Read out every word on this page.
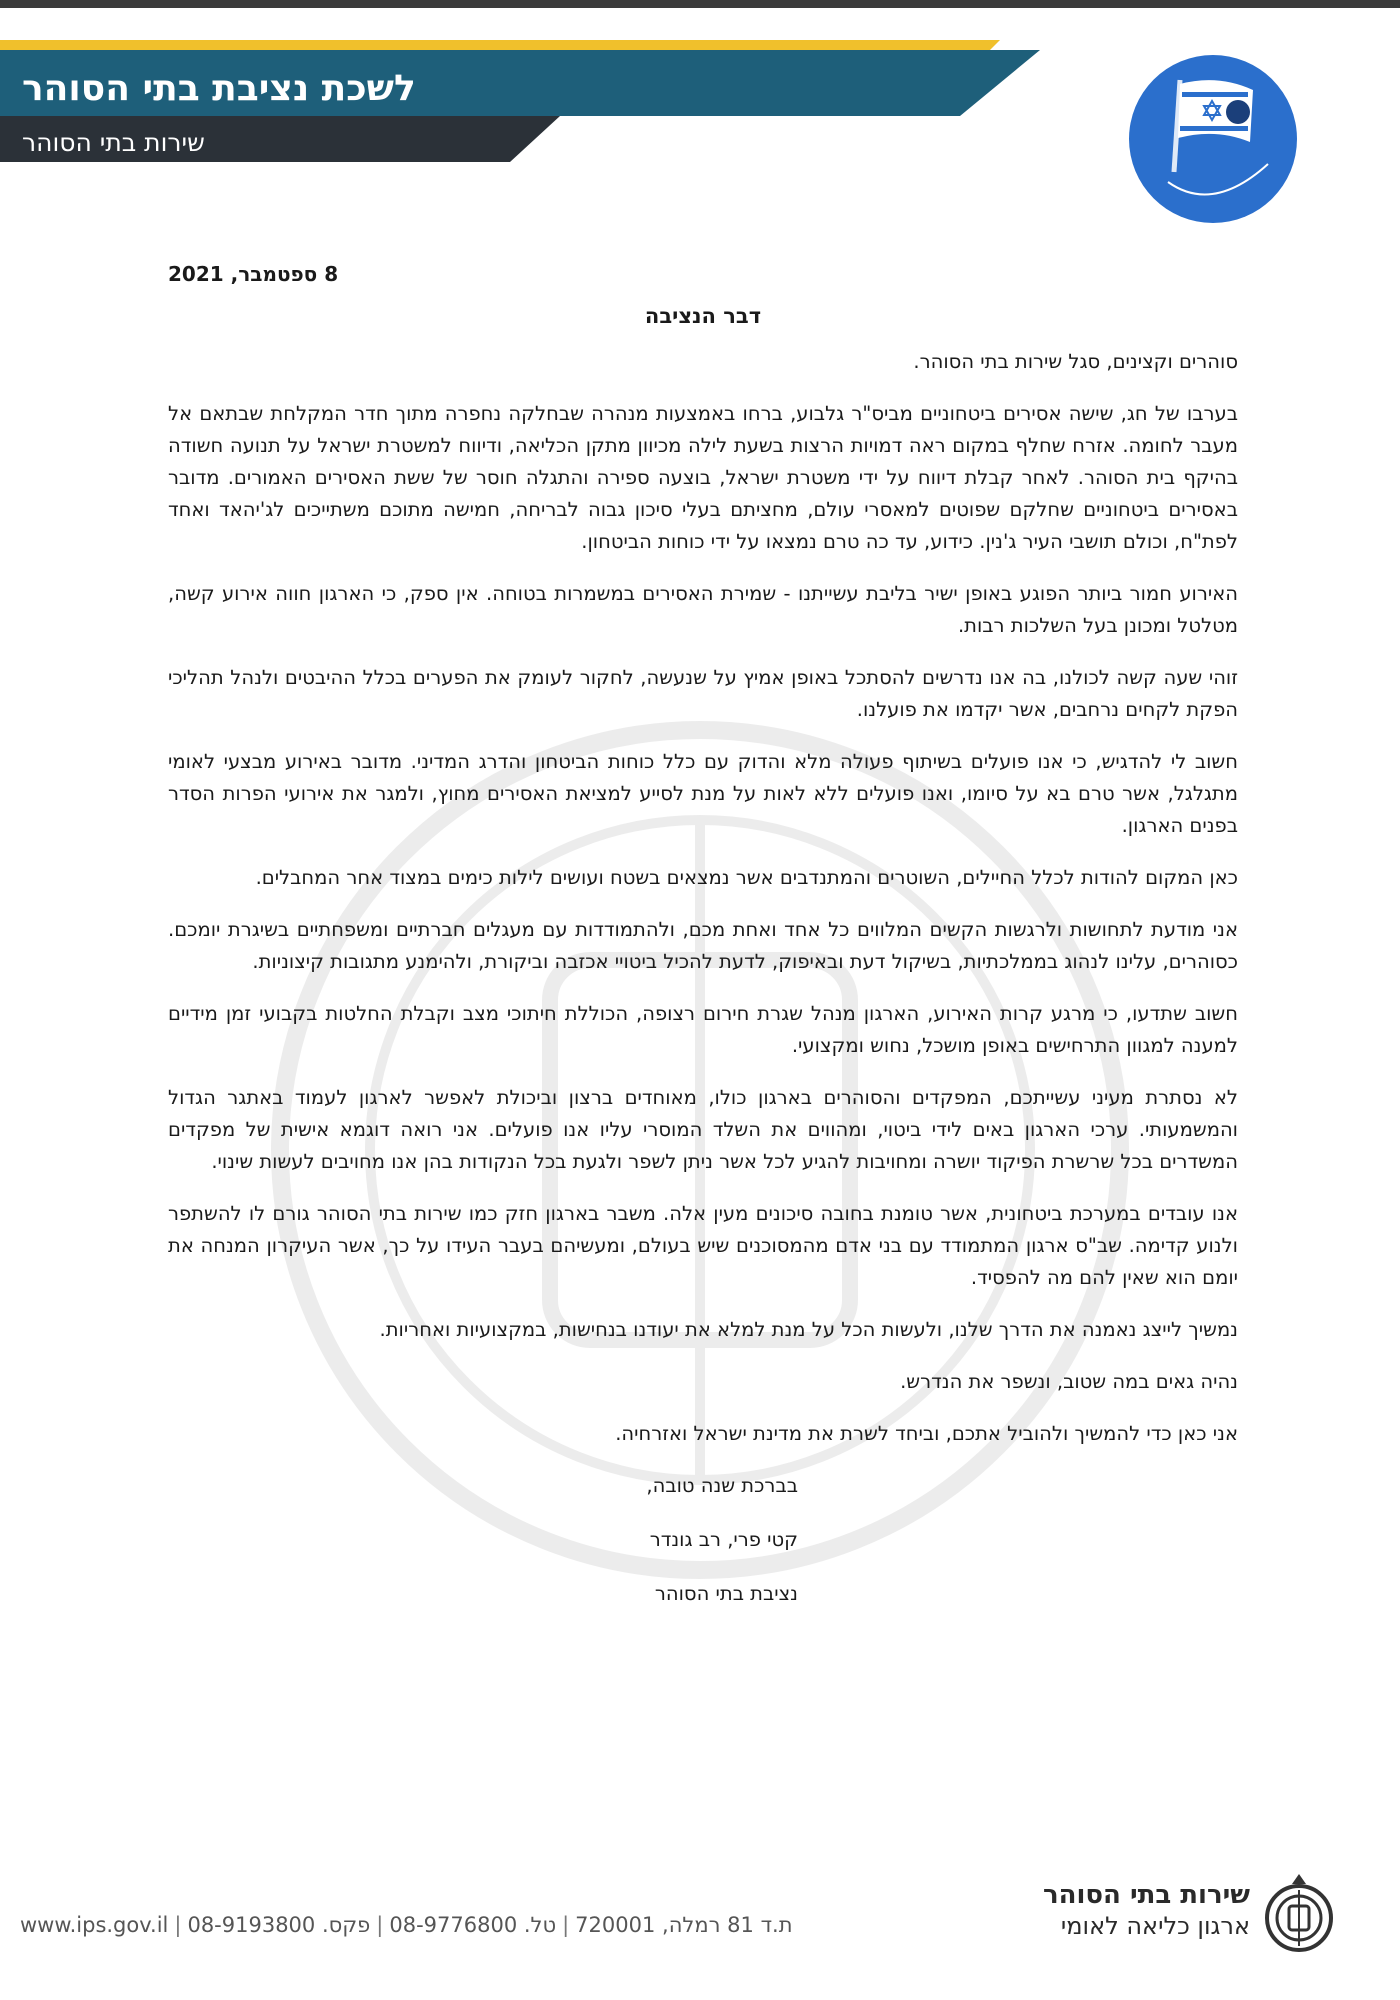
לשכת נציבת בתי הסוהר
שירות בתי הסוהר
8 ספטמבר, 2021
דבר הנציבה
סוהרים וקצינים, סגל שירות בתי הסוהר.
בערבו של חג, שישה אסירים ביטחוניים מביס"ר גלבוע, ברחו באמצעות מנהרה שבחלקה נחפרה מתוך חדר המקלחת שבתאם אל מעבר לחומה. אזרח שחלף במקום ראה דמויות הרצות בשעת לילה מכיוון מתקן הכליאה, ודיווח למשטרת ישראל על תנועה חשודה בהיקף בית הסוהר. לאחר קבלת דיווח על ידי משטרת ישראל, בוצעה ספירה והתגלה חוסר של ששת האסירים האמורים. מדובר באסירים ביטחוניים שחלקם שפוטים למאסרי עולם, מחציתם בעלי סיכון גבוה לבריחה, חמישה מתוכם משתייכים לג'יהאד ואחד לפת"ח, וכולם תושבי העיר ג'נין. כידוע, עד כה טרם נמצאו על ידי כוחות הביטחון.
האירוע חמור ביותר הפוגע באופן ישיר בליבת עשייתנו - שמירת האסירים במשמרות בטוחה. אין ספק, כי הארגון חווה אירוע קשה, מטלטל ומכונן בעל השלכות רבות.
זוהי שעה קשה לכולנו, בה אנו נדרשים להסתכל באופן אמיץ על שנעשה, לחקור לעומק את הפערים בכלל ההיבטים ולנהל תהליכי הפקת לקחים נרחבים, אשר יקדמו את פועלנו.
חשוב לי להדגיש, כי אנו פועלים בשיתוף פעולה מלא והדוק עם כלל כוחות הביטחון והדרג המדיני. מדובר באירוע מבצעי לאומי מתגלגל, אשר טרם בא על סיומו, ואנו פועלים ללא לאות על מנת לסייע למציאת האסירים מחוץ, ולמגר את אירועי הפרות הסדר בפנים הארגון.
כאן המקום להודות לכלל החיילים, השוטרים והמתנדבים אשר נמצאים בשטח ועושים לילות כימים במצוד אחר המחבלים.
אני מודעת לתחושות ולרגשות הקשים המלווים כל אחד ואחת מכם, ולהתמודדות עם מעגלים חברתיים ומשפחתיים בשיגרת יומכם. כסוהרים, עלינו לנהוג בממלכתיות, בשיקול דעת ובאיפוק, לדעת להכיל ביטויי אכזבה וביקורת, ולהימנע מתגובות קיצוניות.
חשוב שתדעו, כי מרגע קרות האירוע, הארגון מנהל שגרת חירום רצופה, הכוללת חיתוכי מצב וקבלת החלטות בקבועי זמן מידיים למענה למגוון התרחישים באופן מושכל, נחוש ומקצועי.
לא נסתרת מעיני עשייתכם, המפקדים והסוהרים בארגון כולו, מאוחדים ברצון וביכולת לאפשר לארגון לעמוד באתגר הגדול והמשמעותי. ערכי הארגון באים לידי ביטוי, ומהווים את השלד המוסרי עליו אנו פועלים. אני רואה דוגמא אישית של מפקדים המשדרים בכל שרשרת הפיקוד יושרה ומחויבות להגיע לכל אשר ניתן לשפר ולגעת בכל הנקודות בהן אנו מחויבים לעשות שינוי.
אנו עובדים במערכת ביטחונית, אשר טומנת בחובה סיכונים מעין אלה. משבר בארגון חזק כמו שירות בתי הסוהר גורם לו להשתפר ולנוע קדימה. שב"ס ארגון המתמודד עם בני אדם מהמסוכנים שיש בעולם, ומעשיהם בעבר העידו על כך, אשר העיקרון המנחה את יומם הוא שאין להם מה להפסיד.
נמשיך לייצג נאמנה את הדרך שלנו, ולעשות הכל על מנת למלא את יעודנו בנחישות, במקצועיות ואחריות.
נהיה גאים במה שטוב, ונשפר את הנדרש.
אני כאן כדי להמשיך ולהוביל אתכם, וביחד לשרת את מדינת ישראל ואזרחיה.
בברכת שנה טובה,
קטי פרי, רב גונדר
נציבת בתי הסוהר
שירות בתי הסוהר
ארגון כליאה לאומי
www.ips.gov.il | פקס. 08-9193800 | טל. 08-9776800 | ת.ד 81 רמלה, 720001
